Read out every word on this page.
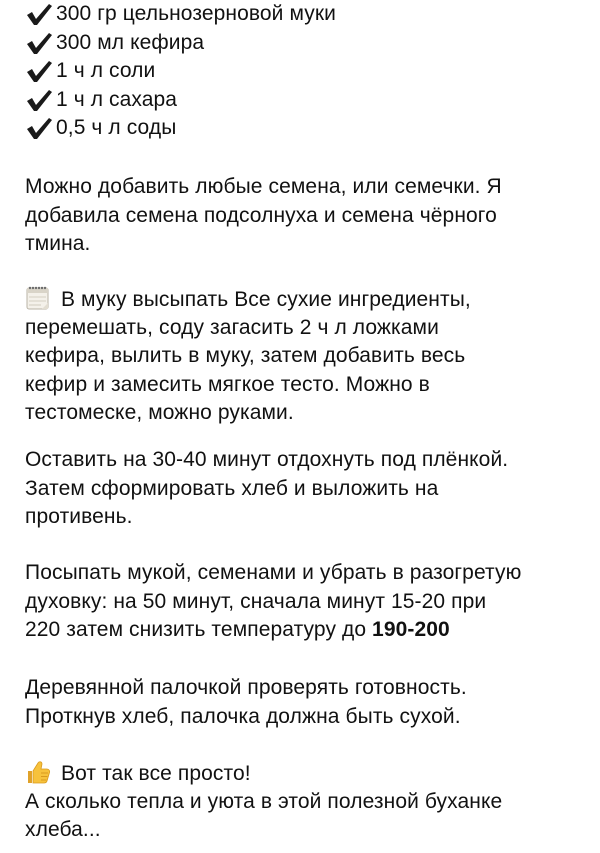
300 гр цельнозерновой муки
300 мл кефира
1 ч л соли
1 ч л сахара
0,5 ч л соды
Можно добавить любые семена, или семечки. Я
добавила семена подсолнуха и семена чёрного
тмина.
В муку высыпать Все сухие ингредиенты,
перемешать, соду загасить 2 ч л ложками
кефира, вылить в муку, затем добавить весь
кефир и замесить мягкое тесто. Можно в
тестомеске, можно руками.
Оставить на 30-40 минут отдохнуть под плёнкой.
Затем сформировать хлеб и выложить на
противень.
Посыпать мукой, семенами и убрать в разогретую
духовку: на 50 минут, сначала минут 15-20 при
220 затем снизить температуру до 190-200
Деревянной палочкой проверять готовность.
Проткнув хлеб, палочка должна быть сухой.
Вот так все просто!
А сколько тепла и уюта в этой полезной буханке
хлеба...
